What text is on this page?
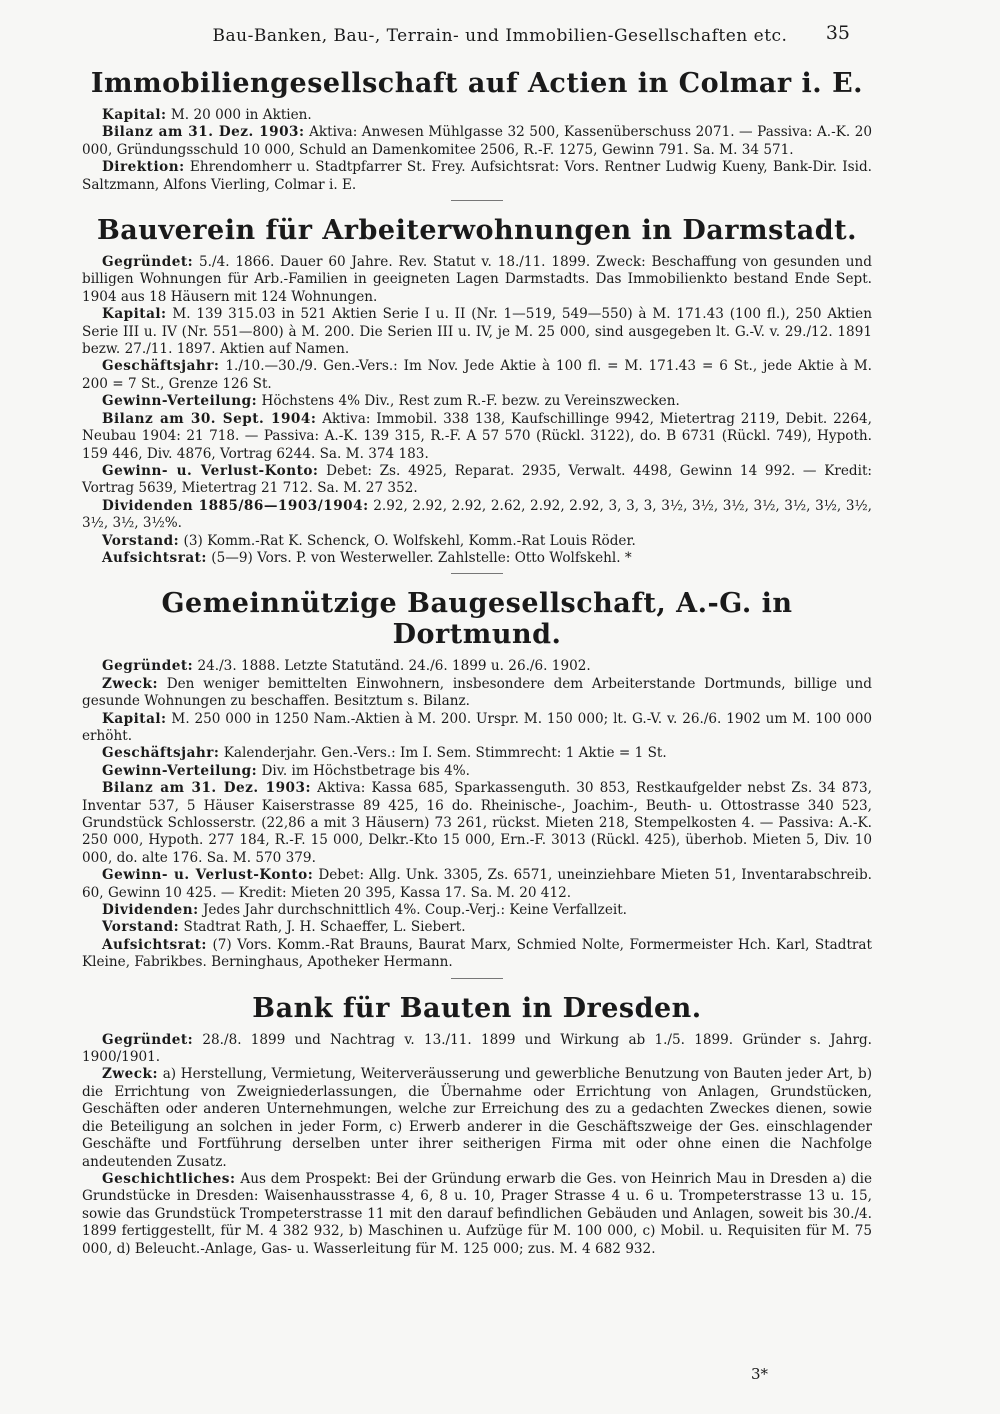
Bau-Banken, Bau-, Terrain- und Immobilien-Gesellschaften etc.	35
Immobiliengesellschaft auf Actien in Colmar i. E.

Kapital: M. 20 000 in Aktien.

Bilanz am 31. Dez. 1903: Aktiva: Anwesen Mühlgasse 32 500, Kassenüberschuss 2071. — Passiva: A.-K. 20 000, Gründungsschuld 10 000, Schuld an Damenkomitee 2506, R.-F. 1275, Gewinn 791. Sa. M. 34 571.

Direktion: Ehrendomherr u. Stadtpfarrer St. Frey. Aufsichtsrat: Vors. Rentner Ludwig Kueny, Bank-Dir. Isid. Saltzmann, Alfons Vierling, Colmar i. E.

Bauverein für Arbeiterwohnungen in Darmstadt.

Gegründet: 5./4. 1866. Dauer 60 Jahre. Rev. Statut v. 18./11. 1899. Zweck: Beschaffung von gesunden und billigen Wohnungen für Arb.-Familien in geeigneten Lagen Darmstadts. Das Immobilienkto bestand Ende Sept. 1904 aus 18 Häusern mit 124 Wohnungen.

Kapital: M. 139 315.03 in 521 Aktien Serie I u. II (Nr. 1—519, 549—550) à M. 171.43 (100 fl.), 250 Aktien Serie III u. IV (Nr. 551—800) à M. 200. Die Serien III u. IV, je M. 25 000, sind ausgegeben lt. G.-V. v. 29./12. 1891 bezw. 27./11. 1897. Aktien auf Namen.

Geschäftsjahr: 1./10.—30./9. Gen.-Vers.: Im Nov. Jede Aktie à 100 fl. = M. 171.43 = 6 St., jede Aktie à M. 200 = 7 St., Grenze 126 St.

Gewinn-Verteilung: Höchstens 4% Div., Rest zum R.-F. bezw. zu Vereinszwecken.

Bilanz am 30. Sept. 1904: Aktiva: Immobil. 338 138, Kaufschillinge 9942, Mietertrag 2119, Debit. 2264, Neubau 1904: 21 718. — Passiva: A.-K. 139 315, R.-F. A 57 570 (Rückl. 3122), do. B 6731 (Rückl. 749), Hypoth. 159 446, Div. 4876, Vortrag 6244. Sa. M. 374 183.

Gewinn- u. Verlust-Konto: Debet: Zs. 4925, Reparat. 2935, Verwalt. 4498, Gewinn 14 992. — Kredit: Vortrag 5639, Mietertrag 21 712. Sa. M. 27 352.

Dividenden 1885/86—1903/1904: 2.92, 2.92, 2.92, 2.62, 2.92, 2.92, 3, 3, 3, 3½, 3½, 3½, 3½, 3½, 3½, 3½, 3½, 3½, 3½%.

Vorstand: (3) Komm.-Rat K. Schenck, O. Wolfskehl, Komm.-Rat Louis Röder.

Aufsichtsrat: (5—9) Vors. P. von Westerweller. Zahlstelle: Otto Wolfskehl. *

Gemeinnützige Baugesellschaft, A.-G. in Dortmund.

Gegründet: 24./3. 1888. Letzte Statutänd. 24./6. 1899 u. 26./6. 1902.

Zweck: Den weniger bemittelten Einwohnern, insbesondere dem Arbeiterstande Dortmunds, billige und gesunde Wohnungen zu beschaffen. Besitztum s. Bilanz.

Kapital: M. 250 000 in 1250 Nam.-Aktien à M. 200. Urspr. M. 150 000; lt. G.-V. v. 26./6. 1902 um M. 100 000 erhöht.

Geschäftsjahr: Kalenderjahr. Gen.-Vers.: Im I. Sem. Stimmrecht: 1 Aktie = 1 St.

Gewinn-Verteilung: Div. im Höchstbetrage bis 4%.

Bilanz am 31. Dez. 1903: Aktiva: Kassa 685, Sparkassenguth. 30 853, Restkaufgelder nebst Zs. 34 873, Inventar 537, 5 Häuser Kaiserstrasse 89 425, 16 do. Rheinische-, Joachim-, Beuth- u. Ottostrasse 340 523, Grundstück Schlosserstr. (22,86 a mit 3 Häusern) 73 261, rückst. Mieten 218, Stempelkosten 4. — Passiva: A.-K. 250 000, Hypoth. 277 184, R.-F. 15 000, Delkr.-Kto 15 000, Ern.-F. 3013 (Rückl. 425), überhob. Mieten 5, Div. 10 000, do. alte 176. Sa. M. 570 379.

Gewinn- u. Verlust-Konto: Debet: Allg. Unk. 3305, Zs. 6571, uneinziehbare Mieten 51, Inventarabschreib. 60, Gewinn 10 425. — Kredit: Mieten 20 395, Kassa 17. Sa. M. 20 412.

Dividenden: Jedes Jahr durchschnittlich 4%. Coup.-Verj.: Keine Verfallzeit.

Vorstand: Stadtrat Rath, J. H. Schaeffer, L. Siebert.

Aufsichtsrat: (7) Vors. Komm.-Rat Brauns, Baurat Marx, Schmied Nolte, Formermeister Hch. Karl, Stadtrat Kleine, Fabrikbes. Berninghaus, Apotheker Hermann.

Bank für Bauten in Dresden.

Gegründet: 28./8. 1899 und Nachtrag v. 13./11. 1899 und Wirkung ab 1./5. 1899. Gründer s. Jahrg. 1900/1901.

Zweck: a) Herstellung, Vermietung, Weiterveräusserung und gewerbliche Benutzung von Bauten jeder Art, b) die Errichtung von Zweigniederlassungen, die Übernahme oder Errichtung von Anlagen, Grundstücken, Geschäften oder anderen Unternehmungen, welche zur Erreichung des zu a gedachten Zweckes dienen, sowie die Beteiligung an solchen in jeder Form, c) Erwerb anderer in die Geschäftszweige der Ges. einschlagender Geschäfte und Fortführung derselben unter ihrer seitherigen Firma mit oder ohne einen die Nachfolge andeutenden Zusatz.

Geschichtliches: Aus dem Prospekt: Bei der Gründung erwarb die Ges. von Heinrich Mau in Dresden a) die Grundstücke in Dresden: Waisenhausstrasse 4, 6, 8 u. 10, Prager Strasse 4 u. 6 u. Trompeterstrasse 13 u. 15, sowie das Grundstück Trompeterstrasse 11 mit den darauf befindlichen Gebäuden und Anlagen, soweit bis 30./4. 1899 fertiggestellt, für M. 4 382 932, b) Maschinen u. Aufzüge für M. 100 000, c) Mobil. u. Requisiten für M. 75 000, d) Beleucht.-Anlage, Gas- u. Wasserleitung für M. 125 000; zus. M. 4 682 932.

3*
